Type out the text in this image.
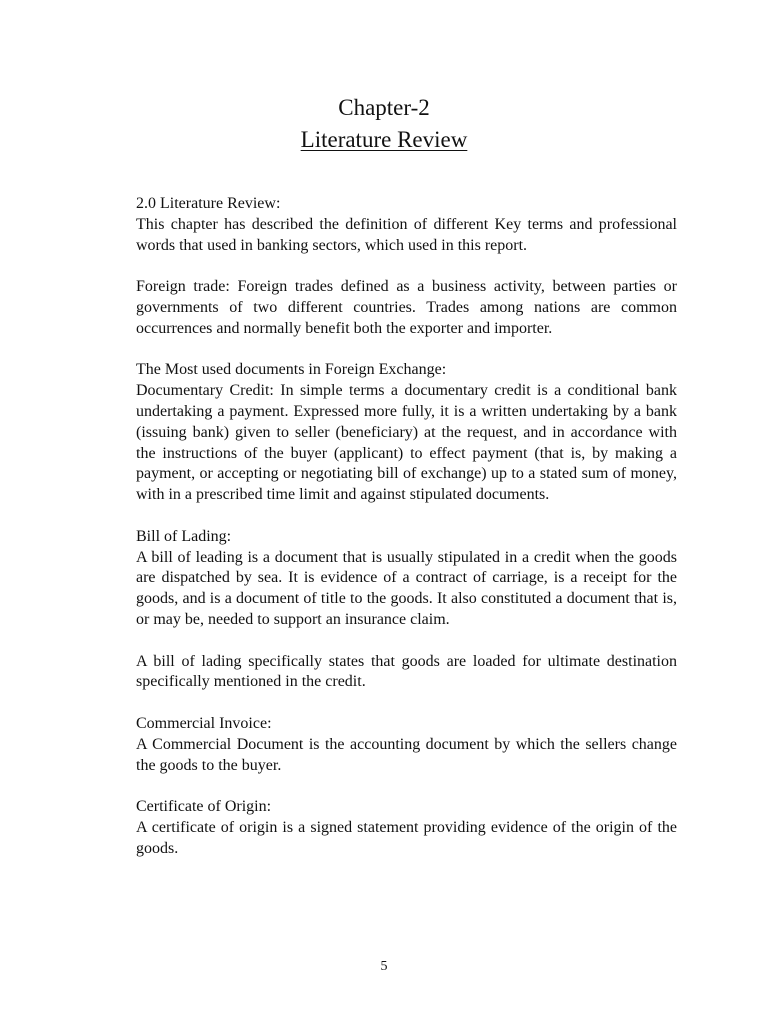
Chapter-2
Literature Review

2.0 Literature Review:
This chapter has described the definition of different Key terms and professional words that used in banking sectors, which used in this report.

Foreign trade: Foreign trades defined as a business activity, between parties or governments of two different countries. Trades among nations are common occurrences and normally benefit both the exporter and importer.

The Most used documents in Foreign Exchange:
Documentary Credit: In simple terms a documentary credit is a conditional bank undertaking a payment. Expressed more fully, it is a written undertaking by a bank (issuing bank) given to seller (beneficiary) at the request, and in accordance with the instructions of the buyer (applicant) to effect payment (that is, by making a payment, or accepting or negotiating bill of exchange) up to a stated sum of money, with in a prescribed time limit and against stipulated documents.

Bill of Lading:
A bill of leading is a document that is usually stipulated in a credit when the goods are dispatched by sea. It is evidence of a contract of carriage, is a receipt for the goods, and is a document of title to the goods. It also constituted a document that is, or may be, needed to support an insurance claim.

A bill of lading specifically states that goods are loaded for ultimate destination specifically mentioned in the credit.

Commercial Invoice:
A Commercial Document is the accounting document by which the sellers change the goods to the buyer.

Certificate of Origin:
A certificate of origin is a signed statement providing evidence of the origin of the goods.

5
